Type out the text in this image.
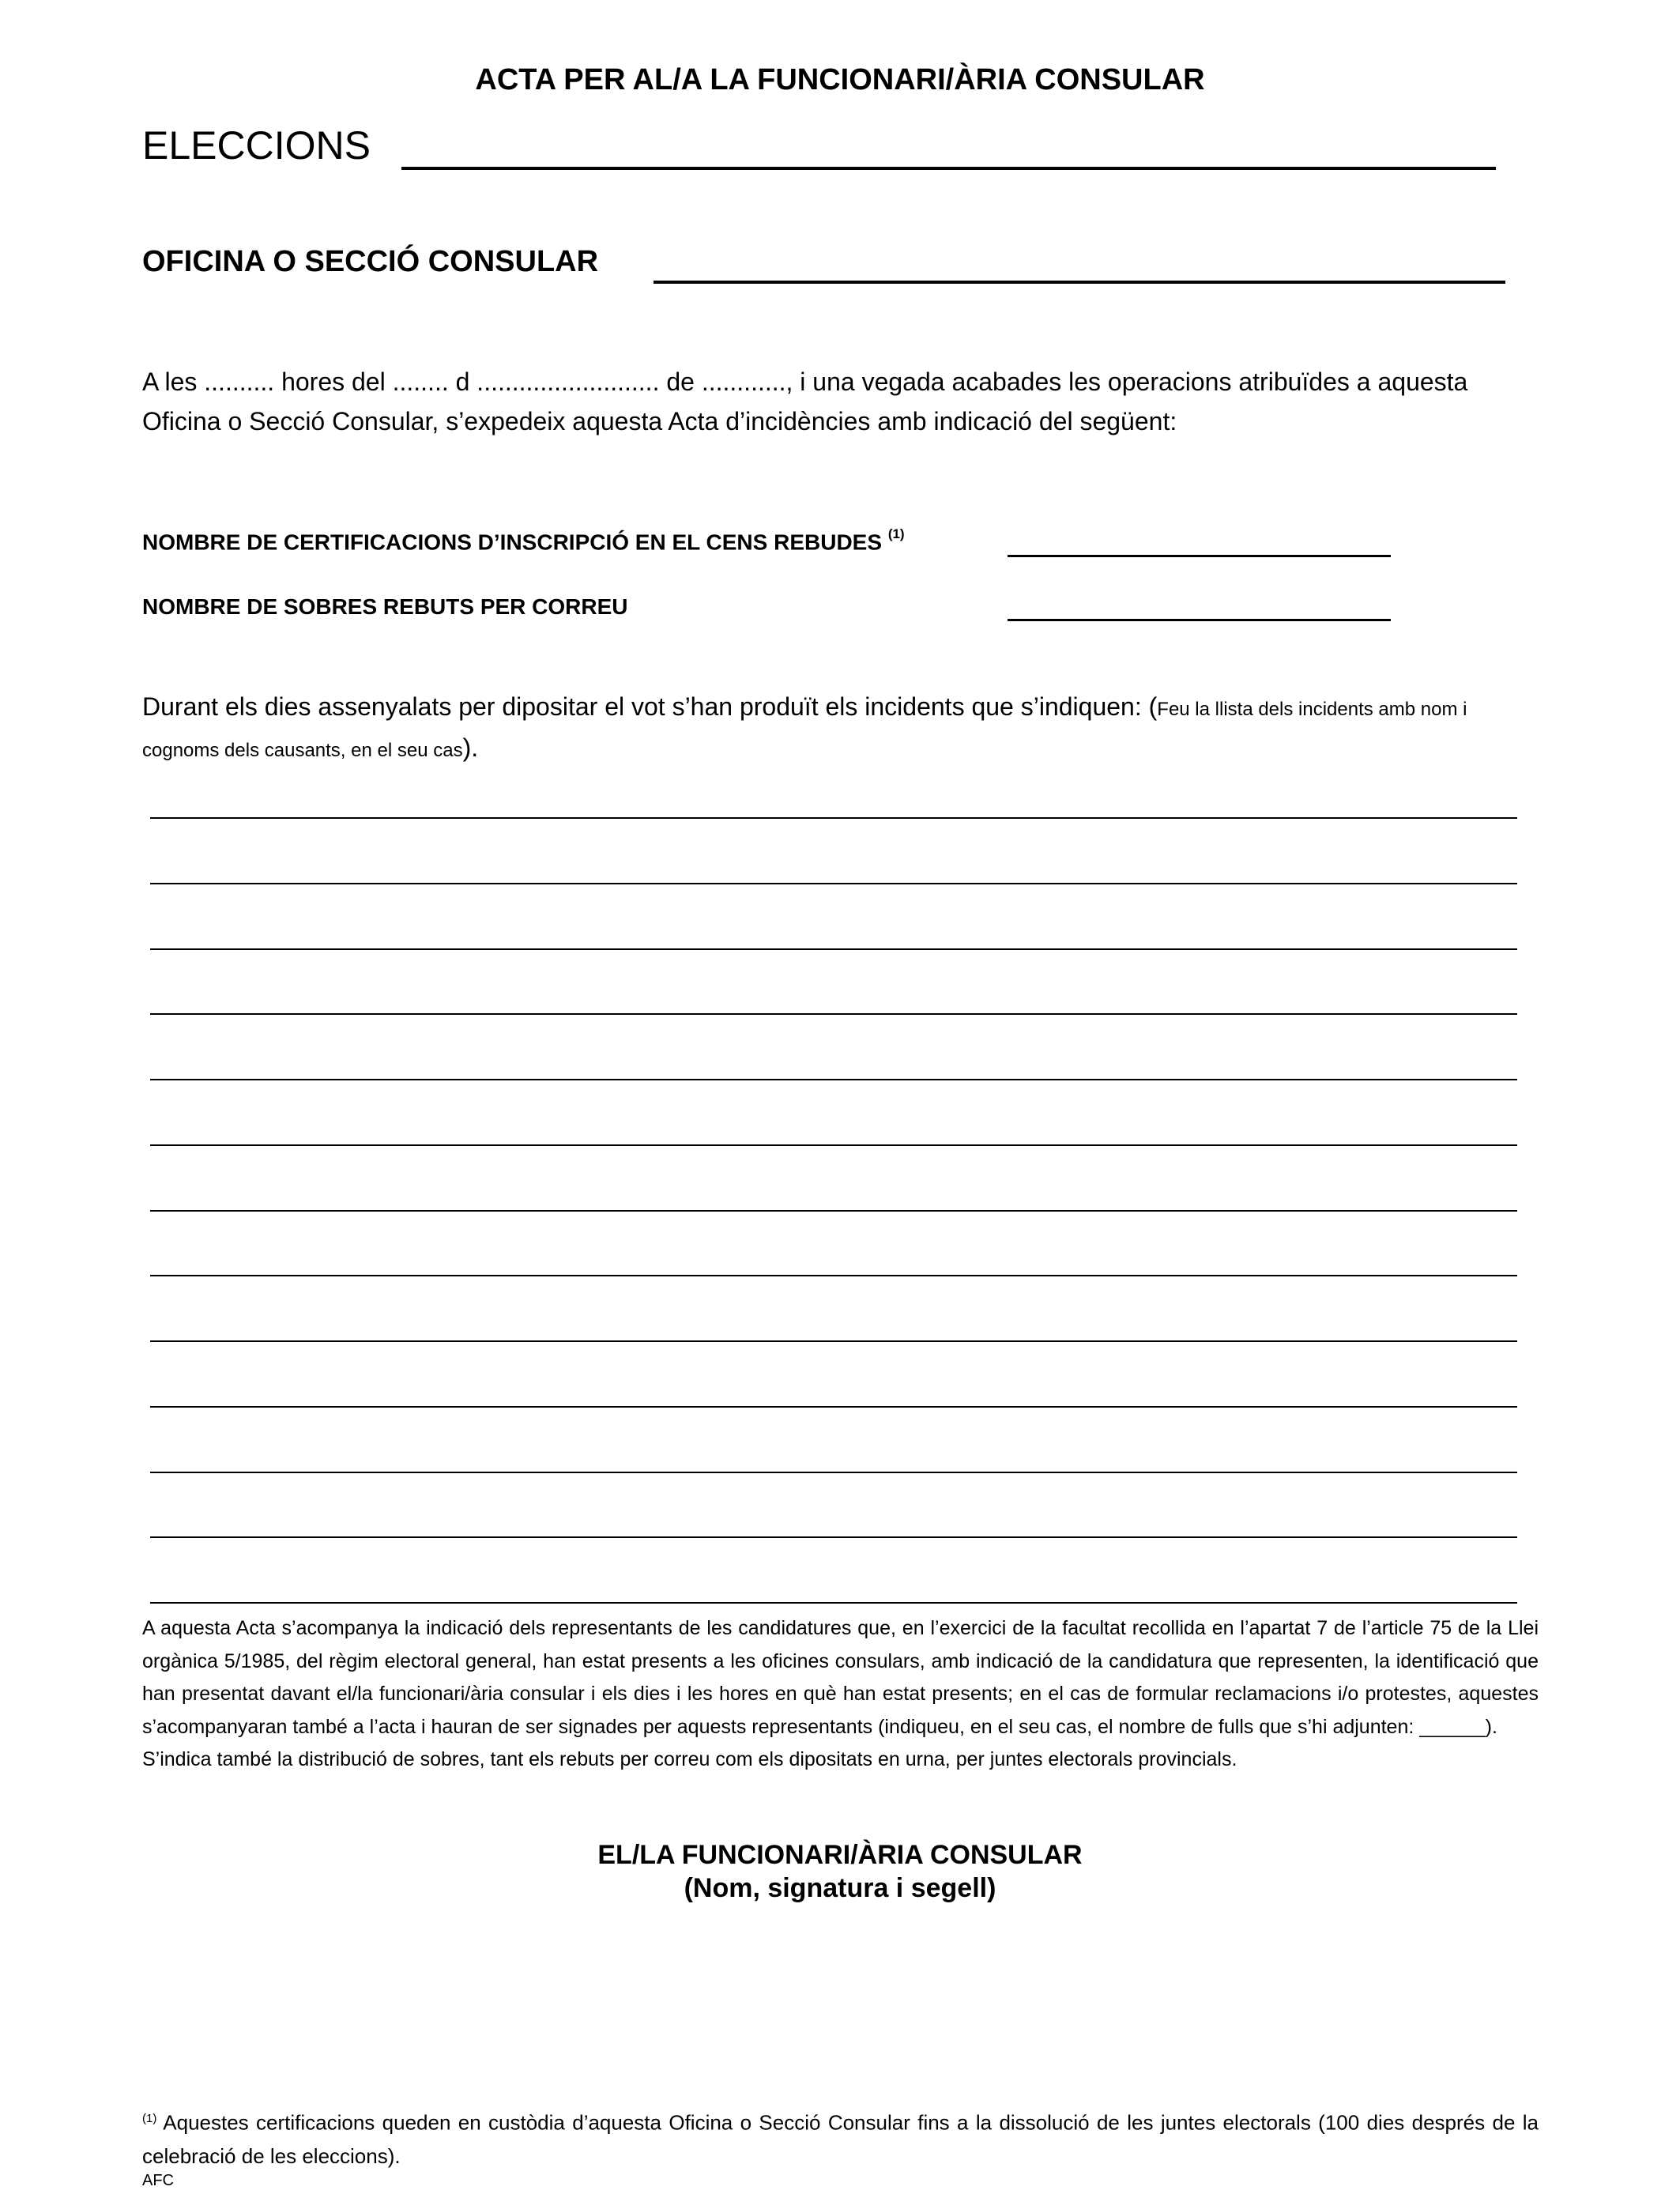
ACTA PER AL/A LA FUNCIONARI/ÀRIA CONSULAR
ELECCIONS
OFICINA O SECCIÓ CONSULAR
A les .......... hores del ........ d .......................... de ............, i una vegada acabades les operacions atribuïdes a aquesta Oficina o Secció Consular, s’expedeix aquesta Acta d’incidències amb indicació del següent:
NOMBRE DE CERTIFICACIONS D’INSCRIPCIÓ EN EL CENS REBUDES $^{(1)}$
NOMBRE DE SOBRES REBUTS PER CORREU
Durant els dies assenyalats per dipositar el vot s’han produït els incidents que s’indiquen: (Feu la llista dels incidents amb nom i cognoms dels causants, en el seu cas).

A aquesta Acta s’acompanya la indicació dels representants de les candidatures que, en l’exercici de la facultat recollida en l’apartat 7 de l’article 75 de la Llei orgànica 5/1985, del règim electoral general, han estat presents a les oficines consulars, amb indicació de la candidatura que representen, la identificació que han presentat davant el/la funcionari/ària consular i els dies i les hores en què han estat presents; en el cas de formular reclamacions i/o protestes, aquestes s’acompanyaran també a l’acta i hauran de ser signades per aquests representants (indiqueu, en el seu cas, el nombre de fulls que s’hi adjunten: ______).

S’indica també la distribució de sobres, tant els rebuts per correu com els dipositats en urna, per juntes electorals provincials.

EL/LA FUNCIONARI/ÀRIA CONSULAR
(Nom, signatura i segell)
$^{(1)}$ Aquestes certificacions queden en custòdia d’aquesta Oficina o Secció Consular fins a la dissolució de les juntes electorals (100 dies després de la celebració de les eleccions).
AFC
